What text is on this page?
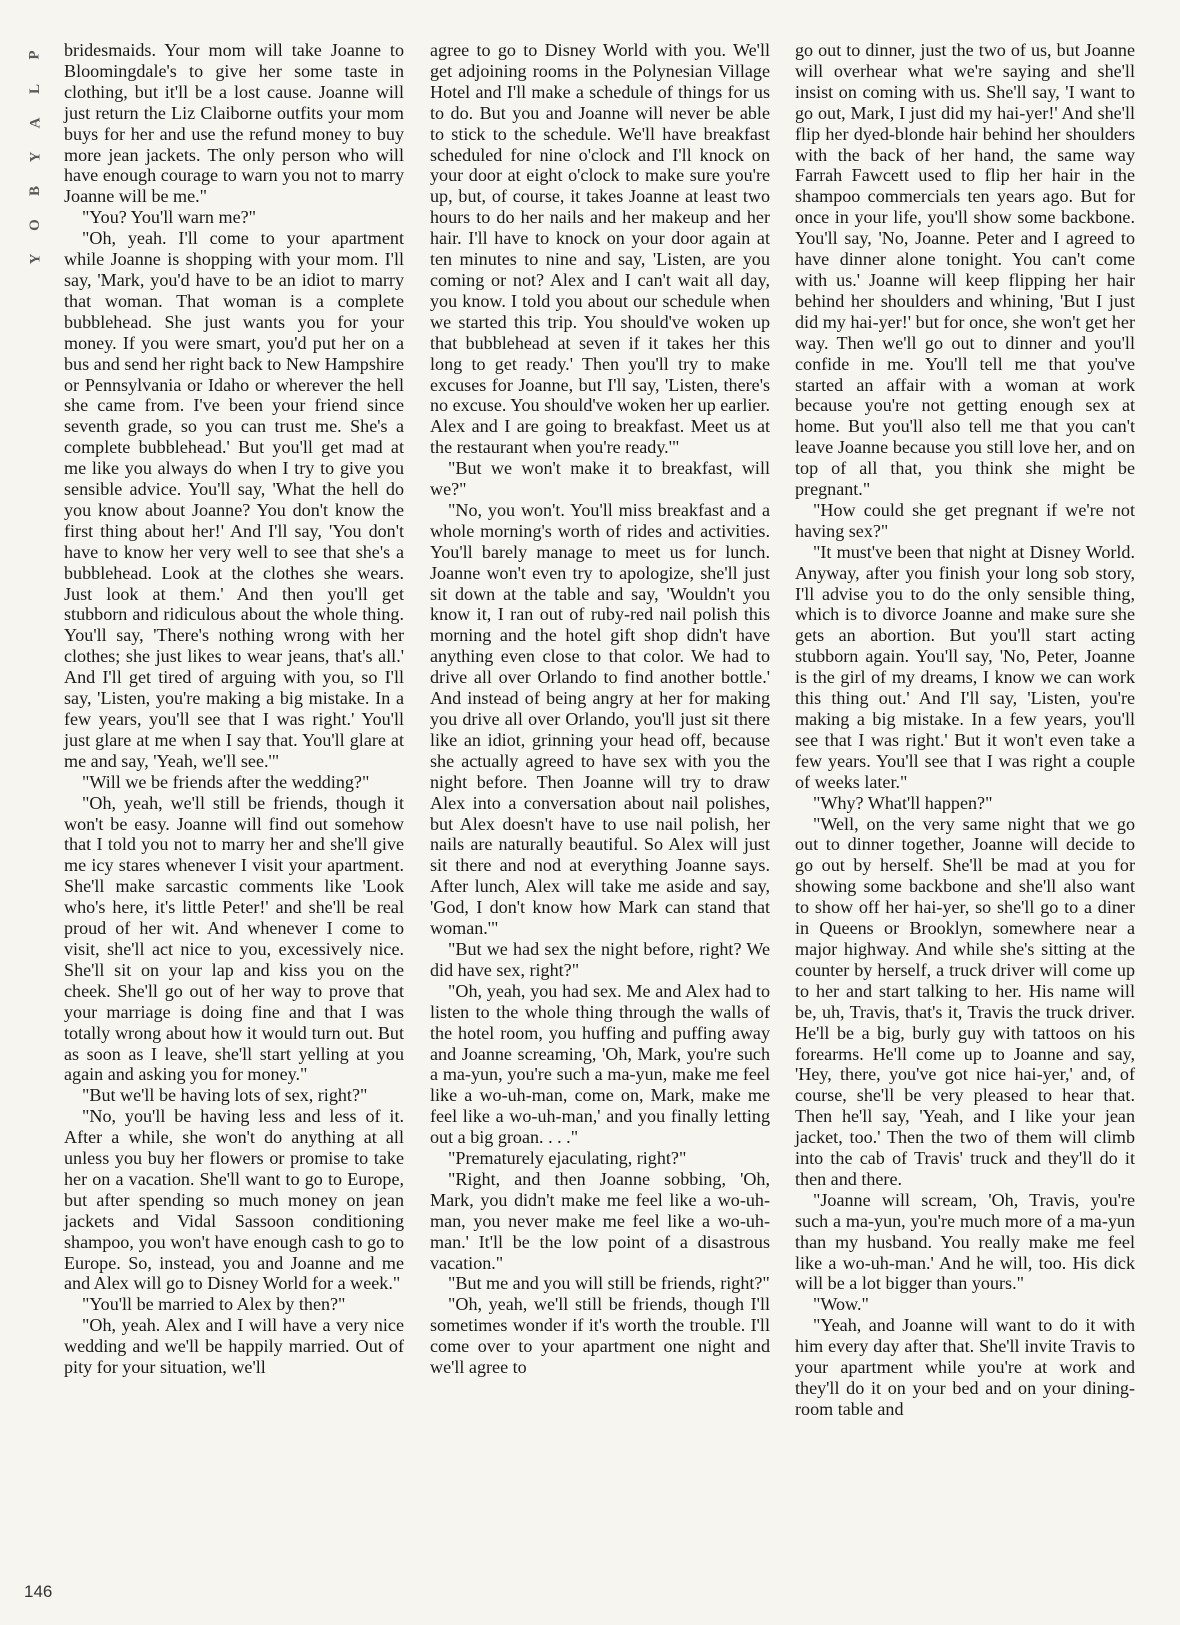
P
L
A
Y
B
O
Y

bridesmaids. Your mom will take Joanne to Bloomingdale's to give her some taste in clothing, but it'll be a lost cause. Joanne will just return the Liz Claiborne outfits your mom buys for her and use the refund money to buy more jean jackets. The only person who will have enough courage to warn you not to marry Joanne will be me."

"You? You'll warn me?"

"Oh, yeah. I'll come to your apartment while Joanne is shopping with your mom. I'll say, 'Mark, you'd have to be an idiot to marry that woman. That woman is a complete bubblehead. She just wants you for your money. If you were smart, you'd put her on a bus and send her right back to New Hampshire or Pennsylvania or Idaho or wherever the hell she came from. I've been your friend since seventh grade, so you can trust me. She's a complete bubblehead.' But you'll get mad at me like you always do when I try to give you sensible advice. You'll say, 'What the hell do you know about Joanne? You don't know the first thing about her!' And I'll say, 'You don't have to know her very well to see that she's a bubblehead. Look at the clothes she wears. Just look at them.' And then you'll get stubborn and ridiculous about the whole thing. You'll say, 'There's nothing wrong with her clothes; she just likes to wear jeans, that's all.' And I'll get tired of arguing with you, so I'll say, 'Listen, you're making a big mistake. In a few years, you'll see that I was right.' You'll just glare at me when I say that. You'll glare at me and say, 'Yeah, we'll see.'"

"Will we be friends after the wedding?"

"Oh, yeah, we'll still be friends, though it won't be easy. Joanne will find out somehow that I told you not to marry her and she'll give me icy stares whenever I visit your apartment. She'll make sarcastic comments like 'Look who's here, it's little Peter!' and she'll be real proud of her wit. And whenever I come to visit, she'll act nice to you, excessively nice. She'll sit on your lap and kiss you on the cheek. She'll go out of her way to prove that your marriage is doing fine and that I was totally wrong about how it would turn out. But as soon as I leave, she'll start yelling at you again and asking you for money."

"But we'll be having lots of sex, right?"

"No, you'll be having less and less of it. After a while, she won't do anything at all unless you buy her flowers or promise to take her on a vacation. She'll want to go to Europe, but after spending so much money on jean jackets and Vidal Sassoon conditioning shampoo, you won't have enough cash to go to Europe. So, instead, you and Joanne and me and Alex will go to Disney World for a week."

"You'll be married to Alex by then?"

"Oh, yeah. Alex and I will have a very nice wedding and we'll be happily married. Out of pity for your situation, we'll

agree to go to Disney World with you. We'll get adjoining rooms in the Polynesian Village Hotel and I'll make a schedule of things for us to do. But you and Joanne will never be able to stick to the schedule. We'll have breakfast scheduled for nine o'clock and I'll knock on your door at eight o'clock to make sure you're up, but, of course, it takes Joanne at least two hours to do her nails and her makeup and her hair. I'll have to knock on your door again at ten minutes to nine and say, 'Listen, are you coming or not? Alex and I can't wait all day, you know. I told you about our schedule when we started this trip. You should've woken up that bubblehead at seven if it takes her this long to get ready.' Then you'll try to make excuses for Joanne, but I'll say, 'Listen, there's no excuse. You should've woken her up earlier. Alex and I are going to breakfast. Meet us at the restaurant when you're ready.'"

"But we won't make it to breakfast, will we?"

"No, you won't. You'll miss breakfast and a whole morning's worth of rides and activities. You'll barely manage to meet us for lunch. Joanne won't even try to apologize, she'll just sit down at the table and say, 'Wouldn't you know it, I ran out of ruby-red nail polish this morning and the hotel gift shop didn't have anything even close to that color. We had to drive all over Orlando to find another bottle.' And instead of being angry at her for making you drive all over Orlando, you'll just sit there like an idiot, grinning your head off, because she actually agreed to have sex with you the night before. Then Joanne will try to draw Alex into a conversation about nail polishes, but Alex doesn't have to use nail polish, her nails are naturally beautiful. So Alex will just sit there and nod at everything Joanne says. After lunch, Alex will take me aside and say, 'God, I don't know how Mark can stand that woman.'"

"But we had sex the night before, right? We did have sex, right?"

"Oh, yeah, you had sex. Me and Alex had to listen to the whole thing through the walls of the hotel room, you huffing and puffing away and Joanne screaming, 'Oh, Mark, you're such a ma-yun, you're such a ma-yun, make me feel like a wo-uh-man, come on, Mark, make me feel like a wo-uh-man,' and you finally letting out a big groan. . . ."

"Prematurely ejaculating, right?"

"Right, and then Joanne sobbing, 'Oh, Mark, you didn't make me feel like a wo-uh-man, you never make me feel like a wo-uh-man.' It'll be the low point of a disastrous vacation."

"But me and you will still be friends, right?"

"Oh, yeah, we'll still be friends, though I'll sometimes wonder if it's worth the trouble. I'll come over to your apartment one night and we'll agree to

go out to dinner, just the two of us, but Joanne will overhear what we're saying and she'll insist on coming with us. She'll say, 'I want to go out, Mark, I just did my hai-yer!' And she'll flip her dyed-blonde hair behind her shoulders with the back of her hand, the same way Farrah Fawcett used to flip her hair in the shampoo commercials ten years ago. But for once in your life, you'll show some backbone. You'll say, 'No, Joanne. Peter and I agreed to have dinner alone tonight. You can't come with us.' Joanne will keep flipping her hair behind her shoulders and whining, 'But I just did my hai-yer!' but for once, she won't get her way. Then we'll go out to dinner and you'll confide in me. You'll tell me that you've started an affair with a woman at work because you're not getting enough sex at home. But you'll also tell me that you can't leave Joanne because you still love her, and on top of all that, you think she might be pregnant."

"How could she get pregnant if we're not having sex?"

"It must've been that night at Disney World. Anyway, after you finish your long sob story, I'll advise you to do the only sensible thing, which is to divorce Joanne and make sure she gets an abortion. But you'll start acting stubborn again. You'll say, 'No, Peter, Joanne is the girl of my dreams, I know we can work this thing out.' And I'll say, 'Listen, you're making a big mistake. In a few years, you'll see that I was right.' But it won't even take a few years. You'll see that I was right a couple of weeks later."

"Why? What'll happen?"

"Well, on the very same night that we go out to dinner together, Joanne will decide to go out by herself. She'll be mad at you for showing some backbone and she'll also want to show off her hai-yer, so she'll go to a diner in Queens or Brooklyn, somewhere near a major highway. And while she's sitting at the counter by herself, a truck driver will come up to her and start talking to her. His name will be, uh, Travis, that's it, Travis the truck driver. He'll be a big, burly guy with tattoos on his forearms. He'll come up to Joanne and say, 'Hey, there, you've got nice hai-yer,' and, of course, she'll be very pleased to hear that. Then he'll say, 'Yeah, and I like your jean jacket, too.' Then the two of them will climb into the cab of Travis' truck and they'll do it then and there.

"Joanne will scream, 'Oh, Travis, you're such a ma-yun, you're much more of a ma-yun than my husband. You really make me feel like a wo-uh-man.' And he will, too. His dick will be a lot bigger than yours."

"Wow."

"Yeah, and Joanne will want to do it with him every day after that. She'll invite Travis to your apartment while you're at work and they'll do it on your bed and on your dining-room table and

146
